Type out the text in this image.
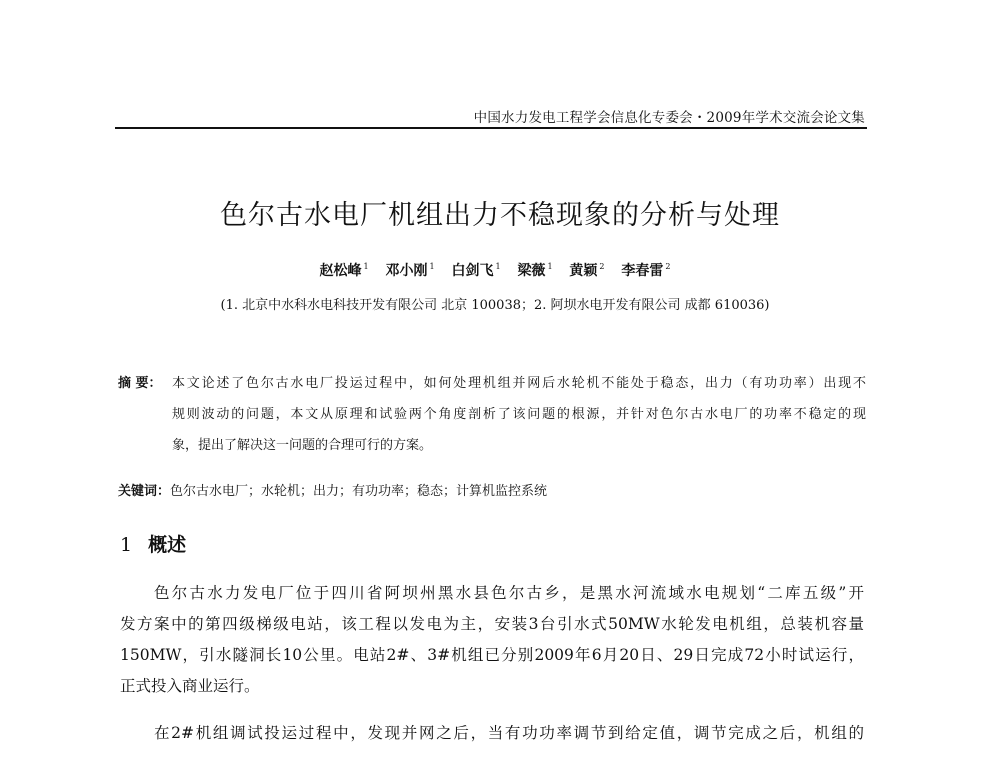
中国水力发电工程学会信息化专委会・2009年学术交流会论文集
色尔古水电厂机组出力不稳现象的分析与处理
赵松峰 $^1$ 邓小刚 $^1$ 白剑飞 $^1$ 梁薇 $^1$ 黄颖 $^2$ 李春雷 $^2$
(1. 北京中水科水电科技开发有限公司 北京 100038；2. 阿坝水电开发有限公司 成都 610036)
摘 要： 本文论述了色尔古水电厂投运过程中，如何处理机组并网后水轮机不能处于稳态，出力（有功功率）出现不
规则波动的问题，本文从原理和试验两个角度剖析了该问题的根源，并针对色尔古水电厂的功率不稳定的现
象，提出了解决这一问题的合理可行的方案。
关键词：色尔古水电厂；水轮机；出力；有功功率；稳态；计算机监控系统
1 概述
色尔古水力发电厂位于四川省阿坝州黑水县色尔古乡，是黑水河流域水电规划“二库五级”开
发方案中的第四级梯级电站，该工程以发电为主，安装3台引水式50MW水轮发电机组，总装机容量
150MW，引水隧洞长10公里。电站2#、3#机组已分别2009年6月20日、29日完成72小时试运行，
正式投入商业运行。
在2#机组调试投运过程中，发现并网之后，当有功功率调节到给定值，调节完成之后，机组的
